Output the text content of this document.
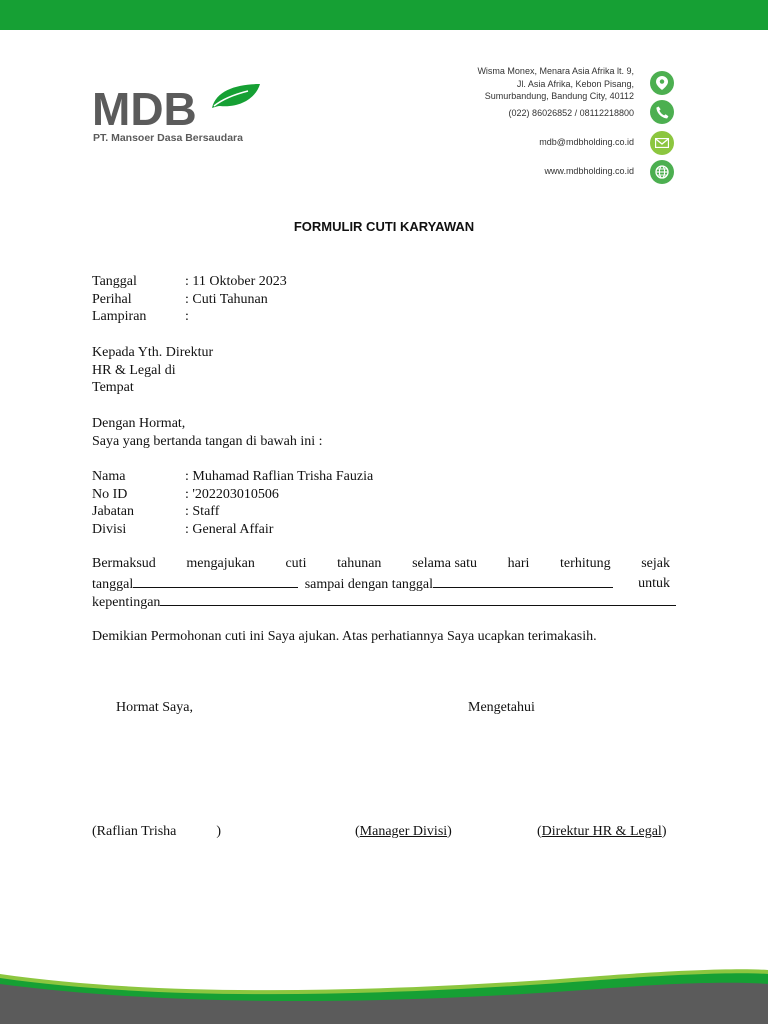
MDB
PT. Mansoer Dasa Bersaudara
Wisma Monex, Menara Asia Afrika lt. 9,
Jl. Asia Afrika, Kebon Pisang,
Sumurbandung, Bandung City, 40112
(022) 86026852 / 08112218800
mdb@mdbholding.co.id
www.mdbholding.co.id
FORMULIR CUTI KARYAWAN
Tanggal	: 11 Oktober 2023
Perihal	: Cuti Tahunan
Lampiran	:
Kepada Yth. Direktur
HR & Legal di
Tempat
Dengan Hormat,
Saya yang bertanda tangan di bawah ini :
Nama	: Muhamad Raflian Trisha Fauzia
No ID	: '202203010506
Jabatan	: Staff
Divisi	: General Affair
Bermaksud mengajukan cuti tahunan selama satu hari terhitung sejak
tanggal	sampai dengan tanggal	untuk
kepentingan
Demikian Permohonan cuti ini Saya ajukan. Atas perhatiannya Saya ucapkan terimakasih.
Hormat Saya,	Mengetahui
(Raflian Trisha	)	(Manager Divisi)	(Direktur HR & Legal)
